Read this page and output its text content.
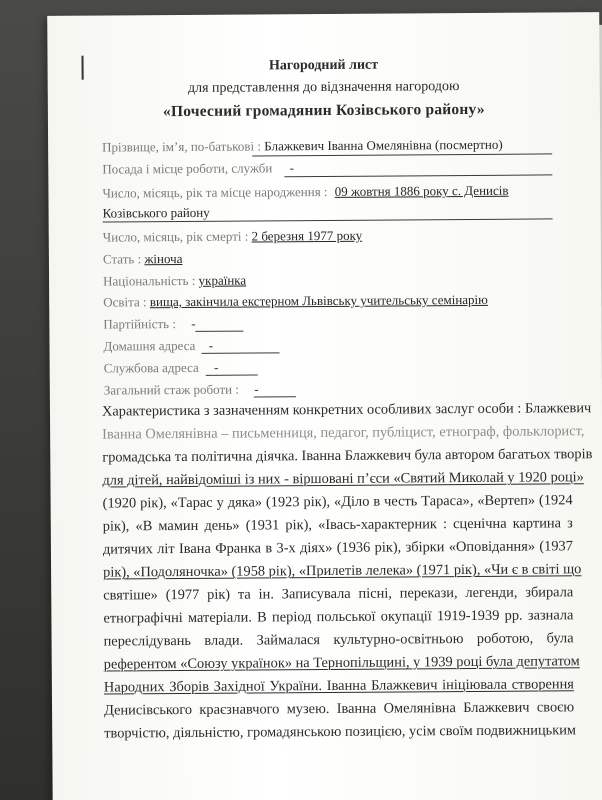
Нагородний лист
для представлення до відзначення нагородою
«Почесний громадянин Козівського району»
Прізвище, ім’я, по-батькові : Блажкевич Іванна Омелянівна (посмертно)
Посада і місце роботи, служби -
Число, місяць, рік та місце народження : 09 жовтня 1886 року с. Денисів
Козівського району
Число, місяць, рік смерті : 2 березня 1977 року
Стать : жіноча
Національність : українка
Освіта : вища, закінчила екстерном Львівську учительську семінарію
Партійність : -
Домашня адреса -
Службова адреса -
Загальний стаж роботи : -
Характеристика з зазначенням конкретних особливих заслуг особи : Блажкевич
Іванна Омелянівна – письменниця, педагог, публіцист, етнограф, фольклорист,
громадська та політична діячка. Іванна Блажкевич була автором багатьох творів
для дітей, найвідоміші із них - віршовані п’єси «Святий Миколай у 1920 році»
(1920 рік), «Тарас у дяка» (1923 рік), «Діло в честь Тараса», «Вертеп» (1924
рік), «В мамин день» (1931 рік), «Івась-характерник : сценічна картина з
дитячих літ Івана Франка в 3-х діях» (1936 рік), збірки «Оповідання» (1937
рік), «Подоляночка» (1958 рік), «Прилетів лелека» (1971 рік), «Чи є в світі що
святіше» (1977 рік) та ін. Записувала пісні, перекази, легенди, збирала
етнографічні матеріали. В період польської окупації 1919-1939 рр. зазнала
переслідувань влади. Займалася культурно-освітньою роботою, була
референтом «Союзу українок» на Тернопільщині, у 1939 році була депутатом
Народних Зборів Західної України. Іванна Блажкевич ініціювала створення
Денисівського краєзнавчого музею. Іванна Омелянівна Блажкевич своєю
творчістю, діяльністю, громадянською позицією, усім своїм подвижницьким
